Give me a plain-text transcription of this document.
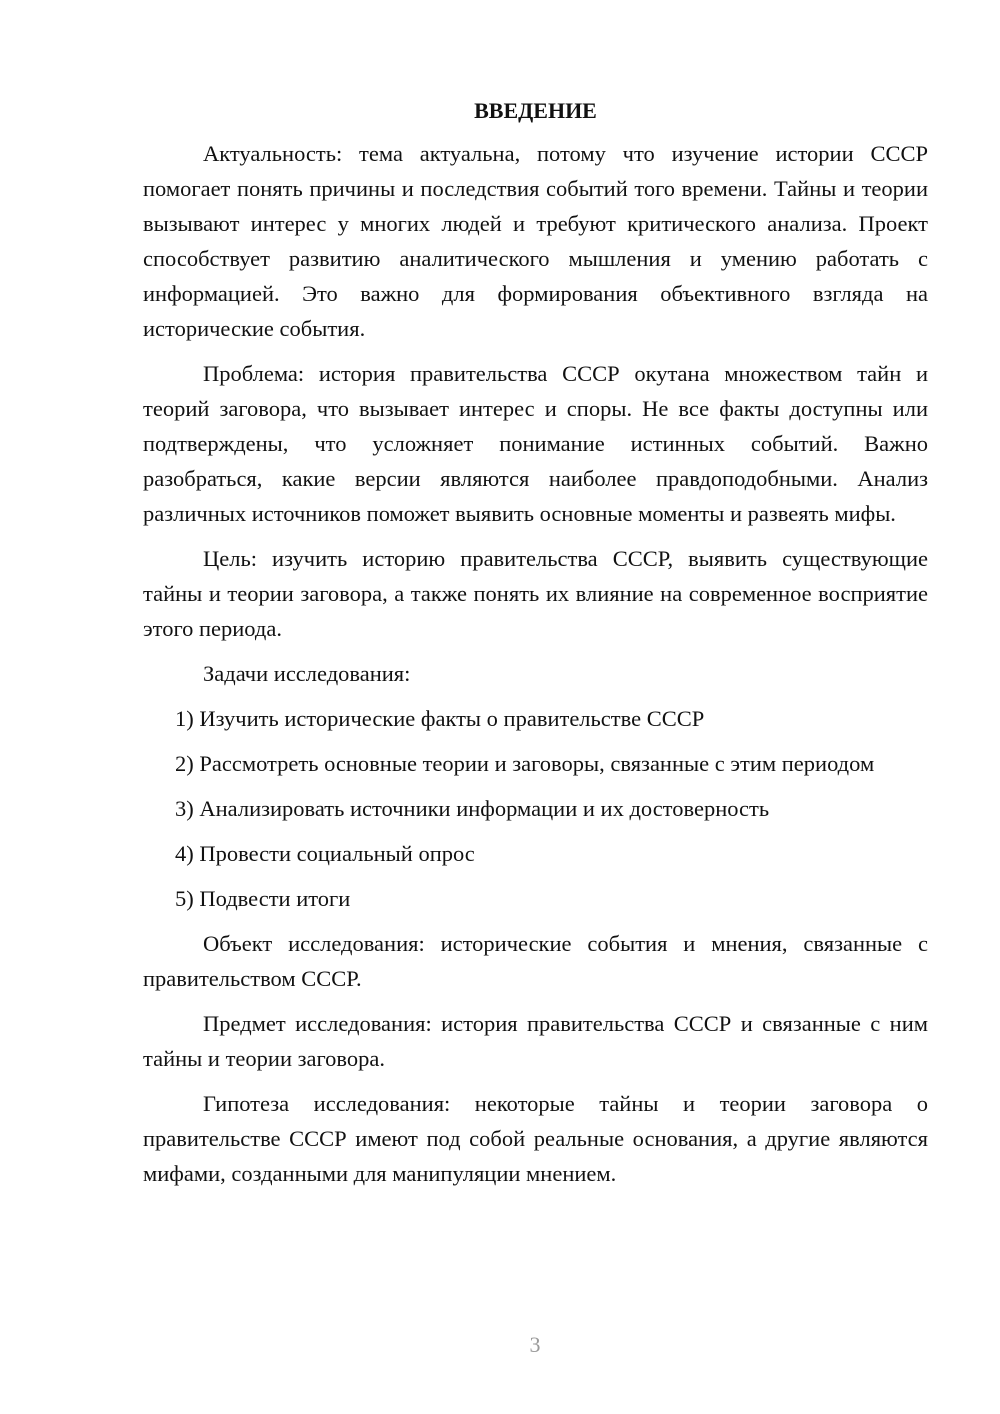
ВВЕДЕНИЕ

Актуальность: тема актуальна, потому что изучение истории СССР помогает понять причины и последствия событий того времени. Тайны и теории вызывают интерес у многих людей и требуют критического анализа. Проект способствует развитию аналитического мышления и умению работать с информацией. Это важно для формирования объективного взгляда на исторические события.

Проблема: история правительства СССР окутана множеством тайн и теорий заговора, что вызывает интерес и споры. Не все факты доступны или подтверждены, что усложняет понимание истинных событий. Важно разобраться, какие версии являются наиболее правдоподобными. Анализ различных источников поможет выявить основные моменты и развеять мифы.

Цель: изучить историю правительства СССР, выявить существующие тайны и теории заговора, а также понять их влияние на современное восприятие этого периода.

Задачи исследования:

1) Изучить исторические факты о правительстве СССР

2) Рассмотреть основные теории и заговоры, связанные с этим периодом

3) Анализировать источники информации и их достоверность

4) Провести социальный опрос

5) Подвести итоги

Объект исследования: исторические события и мнения, связанные с правительством СССР.

Предмет исследования: история правительства СССР и связанные с ним тайны и теории заговора.

Гипотеза исследования: некоторые тайны и теории заговора о правительстве СССР имеют под собой реальные основания, а другие являются мифами, созданными для манипуляции мнением.

3
